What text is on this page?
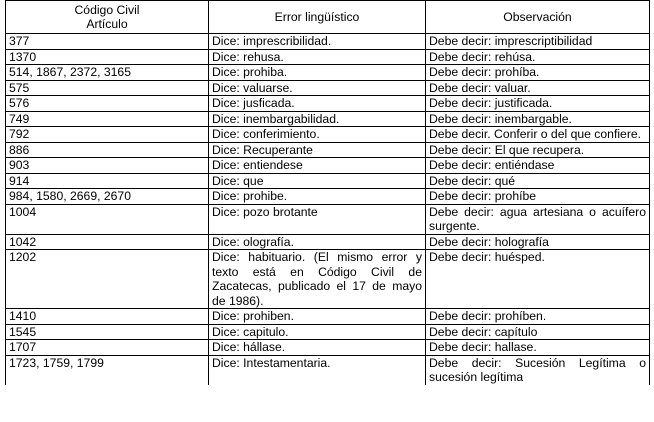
Código Civil
Artículo	Error lingüístico	Observación
377	Dice: imprescribilidad.	Debe decir: imprescriptibilidad
1370	Dice: rehusa.	Debe decir: rehúsa.
514, 1867, 2372, 3165	Dice: prohiba.	Debe decir: prohíba.
575	Dice: valuarse.	Debe decir: valuar.
576	Dice: jusficada.	Debe decir: justificada.
749	Dice: inembargabilidad.	Debe decir: inembargable.
792	Dice: conferimiento.	Debe decir. Conferir o del que confiere.
886	Dice: Recuperante	Debe decir: El que recupera.
903	Dice: entiendese	Debe decir: entiéndase
914	Dice: que	Debe decir: qué
984, 1580, 2669, 2670	Dice: prohibe.	Debe decir: prohíbe
1004	Dice: pozo brotante	Debe decir: agua artesiana o acuífero surgente.
1042	Dice: olografía.	Debe decir: holografía
1202	Dice: habituario. (El mismo error y texto está en Código Civil de Zacatecas, publicado el 17 de mayo de 1986).	Debe decir: huésped.
1410	Dice: prohiben.	Debe decir: prohíben.
1545	Dice: capitulo.	Debe decir: capítulo
1707	Dice: hállase.	Debe decir: hallase.
1723, 1759, 1799	Dice: Intestamentaria.	Debe decir: Sucesión Legítima o sucesión legítima
